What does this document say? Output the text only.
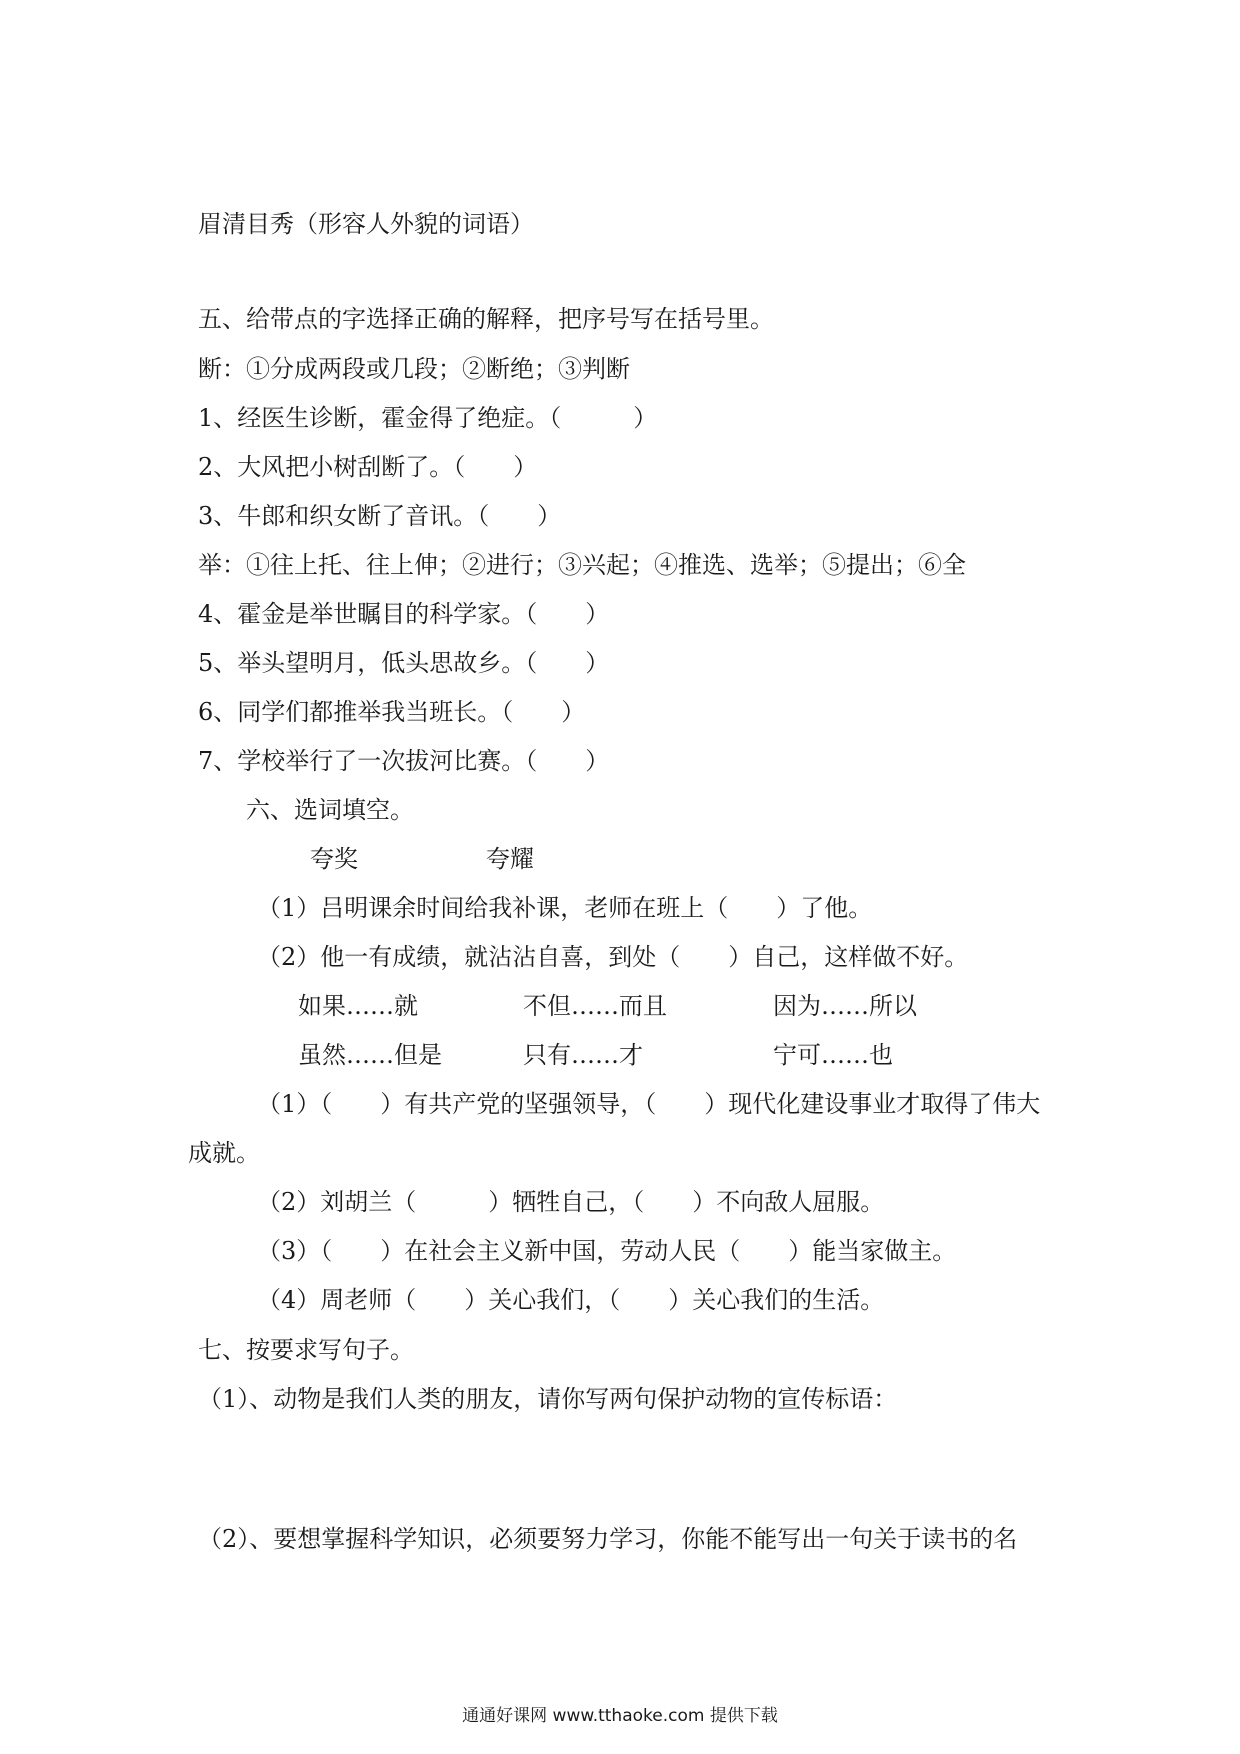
眉清目秀（形容人外貌的词语）
五、给带点的字选择正确的解释，把序号写在括号里。
断：①分成两段或几段；②断绝；③判断
1、经医生诊断，霍金得了绝症。（　　　）
2、大风把小树刮断了。（　　）
3、牛郎和织女断了音讯。（　　）
举：①往上托、往上伸；②进行；③兴起；④推选、选举；⑤提出；⑥全
4、霍金是举世瞩目的科学家。（　　）
5、举头望明月，低头思故乡。（　　）
6、同学们都推举我当班长。（　　）
7、学校举行了一次拔河比赛。（　　）
六、选词填空。
夸奖	夸耀
（1）吕明课余时间给我补课，老师在班上（　　）了他。
（2）他一有成绩，就沾沾自喜，到处（　　）自己，这样做不好。
如果……就	不但……而且	因为……所以
虽然……但是	只有……才	宁可……也
（1）（　　）有共产党的坚强领导，（　　）现代化建设事业才取得了伟大
成就。
（2）刘胡兰（　　　）牺牲自己，（　　）不向敌人屈服。
（3）（　　）在社会主义新中国，劳动人民（　　）能当家做主。
（4）周老师（　　）关心我们，（　　）关心我们的生活。
七、按要求写句子。
（1）、动物是我们人类的朋友，请你写两句保护动物的宣传标语：
（2）、要想掌握科学知识，必须要努力学习，你能不能写出一句关于读书的名
通通好课网 www.tthaoke.com 提供下载
